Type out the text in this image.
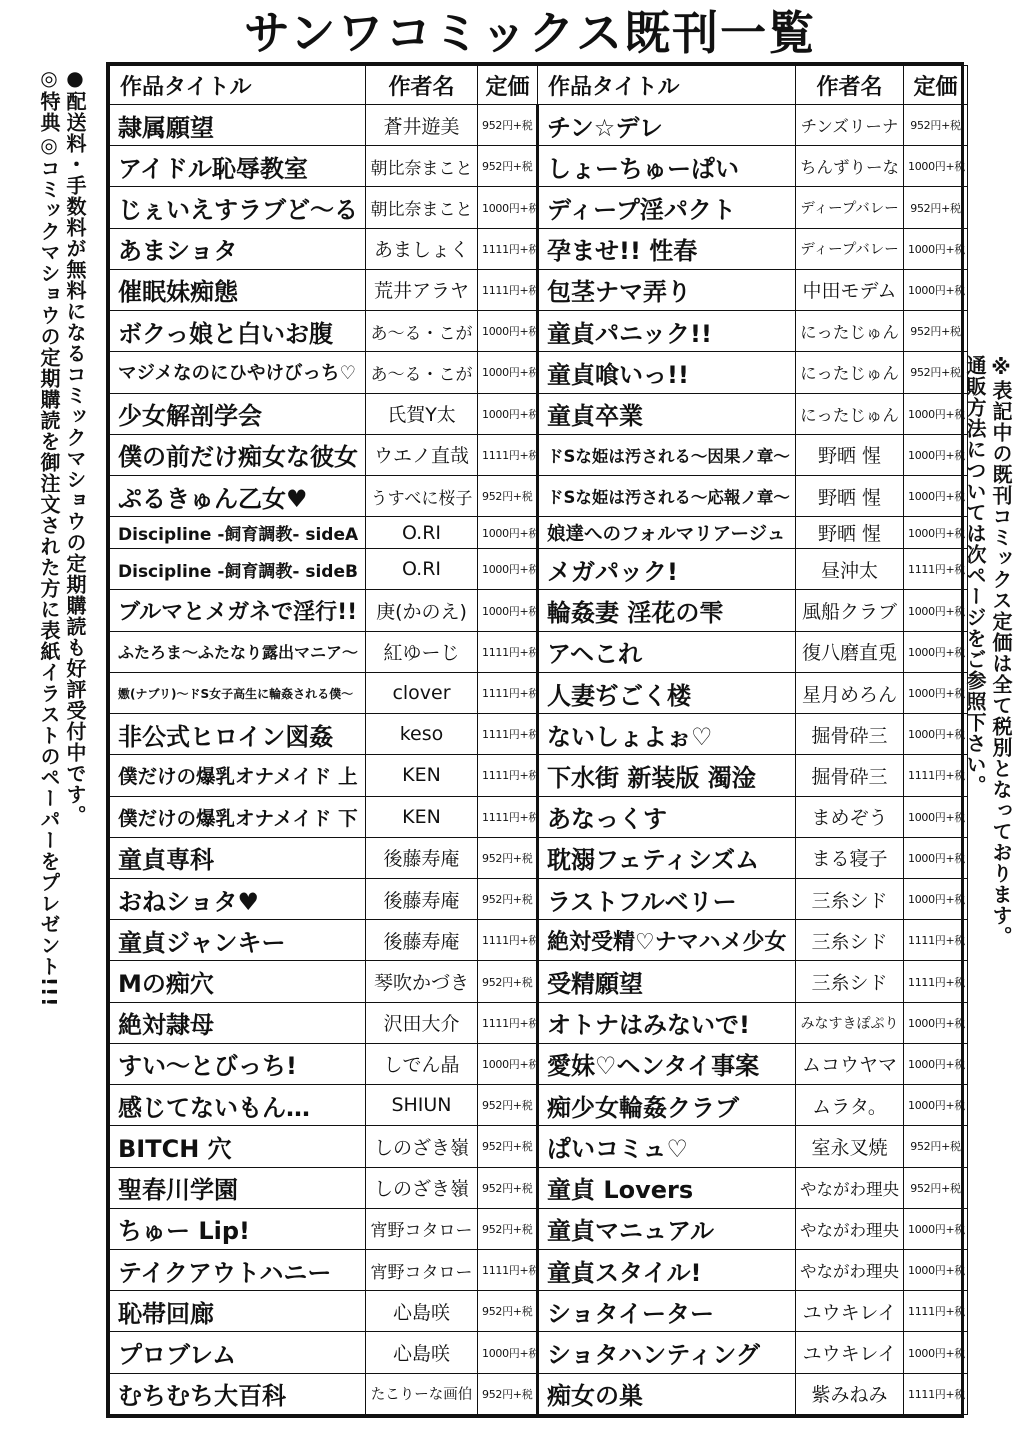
サンワコミックス既刊一覧
●配送料・手数料が無料になるコミックマショウの定期購読も好評受付中です。
◎特典◎コミックマショウの定期購読を御注文された方に表紙イラストのペーパーをプレゼント!!!	※表記中の既刊コミックス定価は全て税別となっております。
通販方法については次ページをご参照下さい。
作品タイトル	作者名	定価	作品タイトル	作者名	定価
隷属願望	蒼井遊美	952円+税	チン☆デレ	チンズリーナ	952円+税
アイドル恥辱教室	朝比奈まこと	952円+税	しょーちゅーぱい	ちんずりーな	1000円+税
じぇいえすラブど〜る	朝比奈まこと	1000円+税	ディープ淫パクト	ディープバレー	952円+税
あまショタ	あましょく	1111円+税	孕ませ!! 性春	ディープバレー	1000円+税
催眠妹痴態	荒井アラヤ	1111円+税	包茎ナマ弄り	中田モデム	1000円+税
ボクっ娘と白いお腹	あ〜る・こが	1000円+税	童貞パニック!!	にったじゅん	952円+税
マジメなのにひやけびっち♡	あ〜る・こが	1000円+税	童貞喰いっ!!	にったじゅん	952円+税
少女解剖学会	氏賀Y太	1000円+税	童貞卒業	にったじゅん	1000円+税
僕の前だけ痴女な彼女	ウエノ直哉	1111円+税	ドSな姫は汚される〜因果ノ章〜	野晒 惺	1000円+税
ぷるきゅん乙女♥	うすべに桜子	952円+税	ドSな姫は汚される〜応報ノ章〜	野晒 惺	1000円+税
Discipline -飼育調教- sideA	O.RI	1000円+税	娘達へのフォルマリアージュ	野晒 惺	1000円+税
Discipline -飼育調教- sideB	O.RI	1000円+税	メガパック!	昼沖太	1111円+税
ブルマとメガネで淫行!!	庚(かのえ)	1000円+税	輪姦妻 淫花の雫	風船クラブ	1000円+税
ふたろま〜ふたなり露出マニア〜	紅ゆーじ	1111円+税	アヘこれ	復八磨直兎	1000円+税
嫐(ナブリ)〜ドS女子高生に輪姦される僕〜	clover	1111円+税	人妻ぢごく楼	星月めろん	1000円+税
非公式ヒロイン図姦	keso	1111円+税	ないしょよぉ♡	掘骨砕三	1000円+税
僕だけの爆乳オナメイド 上	KEN	1111円+税	下水街 新装版 濁淦	掘骨砕三	1111円+税
僕だけの爆乳オナメイド 下	KEN	1111円+税	あなっくす	まめぞう	1000円+税
童貞専科	後藤寿庵	952円+税	耽溺フェティシズム	まる寝子	1000円+税
おねショタ♥	後藤寿庵	952円+税	ラストフルベリー	三糸シド	1000円+税
童貞ジャンキー	後藤寿庵	1111円+税	絶対受精♡ナマハメ少女	三糸シド	1111円+税
Mの痴穴	琴吹かづき	952円+税	受精願望	三糸シド	1111円+税
絶対隷母	沢田大介	1111円+税	オトナはみないで!	みなすきぽぷり	1000円+税
すい〜とびっち!	しでん晶	1000円+税	愛妹♡ヘンタイ事案	ムコウヤマ	1000円+税
感じてないもん…	SHIUN	952円+税	痴少女輪姦クラブ	ムラタ。	1000円+税
BITCH 穴	しのざき嶺	952円+税	ぱいコミュ♡	室永叉焼	952円+税
聖春川学園	しのざき嶺	952円+税	童貞 Lovers	やながわ理央	952円+税
ちゅー Lip!	宵野コタロー	952円+税	童貞マニュアル	やながわ理央	1000円+税
テイクアウトハニー	宵野コタロー	1111円+税	童貞スタイル!	やながわ理央	1000円+税
恥帯回廊	心島咲	952円+税	ショタイーター	ユウキレイ	1111円+税
プロブレム	心島咲	1000円+税	ショタハンティング	ユウキレイ	1000円+税
むちむち大百科	たこりーな画伯	952円+税	痴女の巣	紫みねみ	1111円+税
